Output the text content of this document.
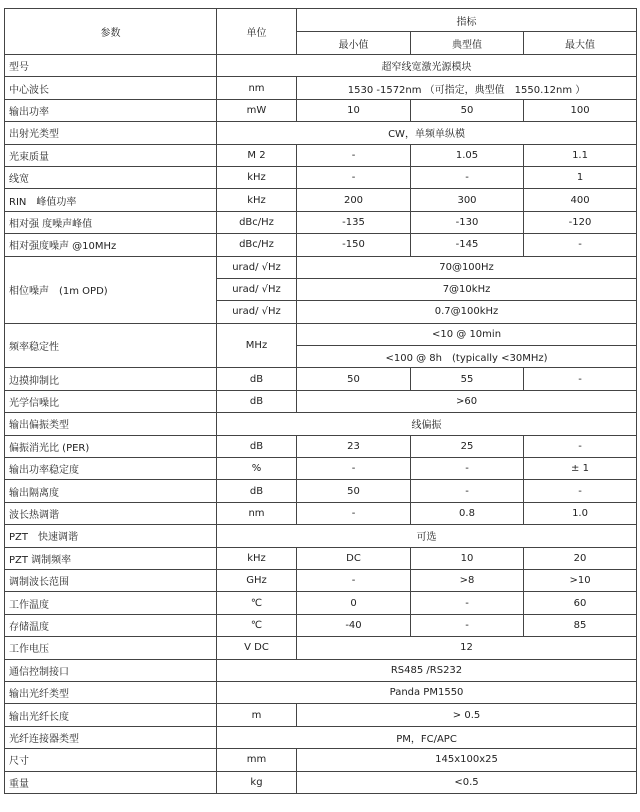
参数	单位	指标		
		最小值	典型值	最大值
型号	超窄线宽激光源模块			
中心波长	nm	1530 -1572nm （可指定，典型值　1550.12nm ）		
输出功率	mW	10	50	100
出射光类型	CW，单频单纵模			
光束质量	M 2	-	1.05	1.1
线宽	kHz	-	-	1
RIN　峰值功率	kHz	200	300	400
相对强 度噪声峰值	dBc/Hz	-135	-130	-120
相对强度噪声 @10MHz	dBc/Hz	-150	-145	-
相位噪声　(1m OPD)	urad/ √Hz	70@100Hz		
	urad/ √Hz	7@10kHz		
	urad/ √Hz	0.7@100kHz		
频率稳定性	MHz	<10 @ 10min		
		<100 @ 8h　(typically <30MHz)		
边摸抑制比	dB	50	55	-
光学信噪比	dB	>60		
输出偏振类型	线偏振			
偏振消光比 (PER)	dB	23	25	-
输出功率稳定度	%	-	-	± 1
输出隔离度	dB	50	-	-
波长热调谐	nm	-	0.8	1.0
PZT　快速调谐	可选			
PZT 调制频率	kHz	DC	10	20
调制波长范围	GHz	-	>8	>10
工作温度	℃	0	-	60
存储温度	℃	-40	-	85
工作电压	V DC	12		
通信控制接口	RS485 /RS232			
输出光纤类型	Panda PM1550			
输出光纤长度	m	> 0.5		
光纤连接器类型	PM，FC/APC			
尺寸	mm	145x100x25		
重量	kg	<0.5		
